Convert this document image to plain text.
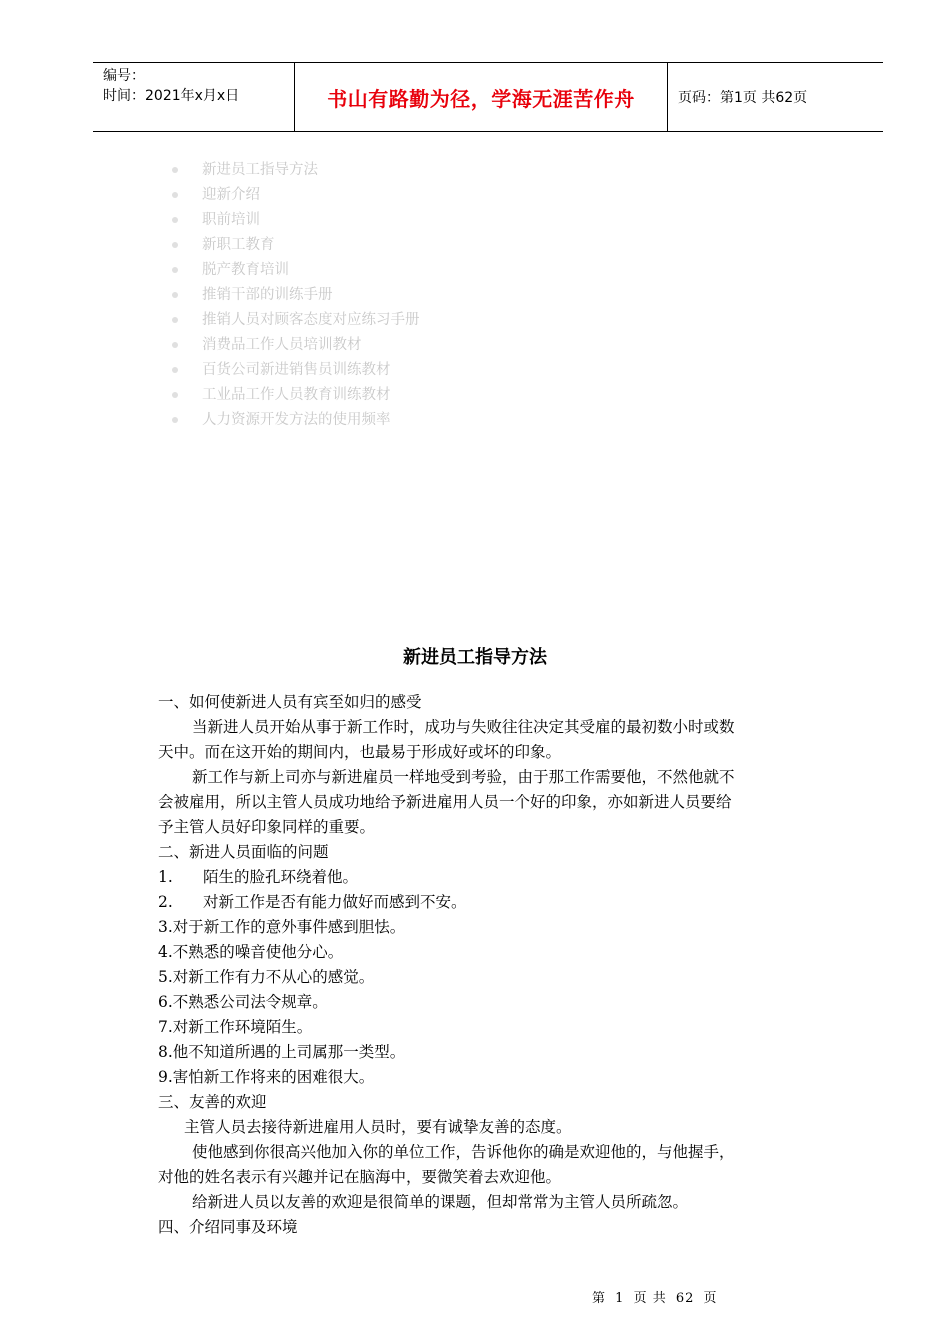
编号：
时间：2021年x月x日	书山有路勤为径，学海无涯苦作舟	页码：第1页 共62页
新进员工指导方法
迎新介绍
职前培训
新职工教育
脱产教育培训
推销干部的训练手册
推销人员对顾客态度对应练习手册
消费品工作人员培训教材
百货公司新进销售员训练教材
工业品工作人员教育训练教材
人力资源开发方法的使用频率
新进员工指导方法
一、如何使新进人员有宾至如归的感受
当新进人员开始从事于新工作时，成功与失败往往决定其受雇的最初数小时或数
天中。而在这开始的期间内，也最易于形成好或坏的印象。
新工作与新上司亦与新进雇员一样地受到考验，由于那工作需要他，不然他就不
会被雇用，所以主管人员成功地给予新进雇用人员一个好的印象，亦如新进人员要给
予主管人员好印象同样的重要。
二、新进人员面临的问题
1. 陌生的脸孔环绕着他。
2. 对新工作是否有能力做好而感到不安。
3.对于新工作的意外事件感到胆怯。
4.不熟悉的噪音使他分心。
5.对新工作有力不从心的感觉。
6.不熟悉公司法令规章。
7.对新工作环境陌生。
8.他不知道所遇的上司属那一类型。
9.害怕新工作将来的困难很大。
三、友善的欢迎
主管人员去接待新进雇用人员时，要有诚挚友善的态度。
使他感到你很高兴他加入你的单位工作，告诉他你的确是欢迎他的，与他握手，
对他的姓名表示有兴趣并记在脑海中，要微笑着去欢迎他。
给新进人员以友善的欢迎是很简单的课题，但却常常为主管人员所疏忽。
四、介绍同事及环境
第 1 页 共 62 页
